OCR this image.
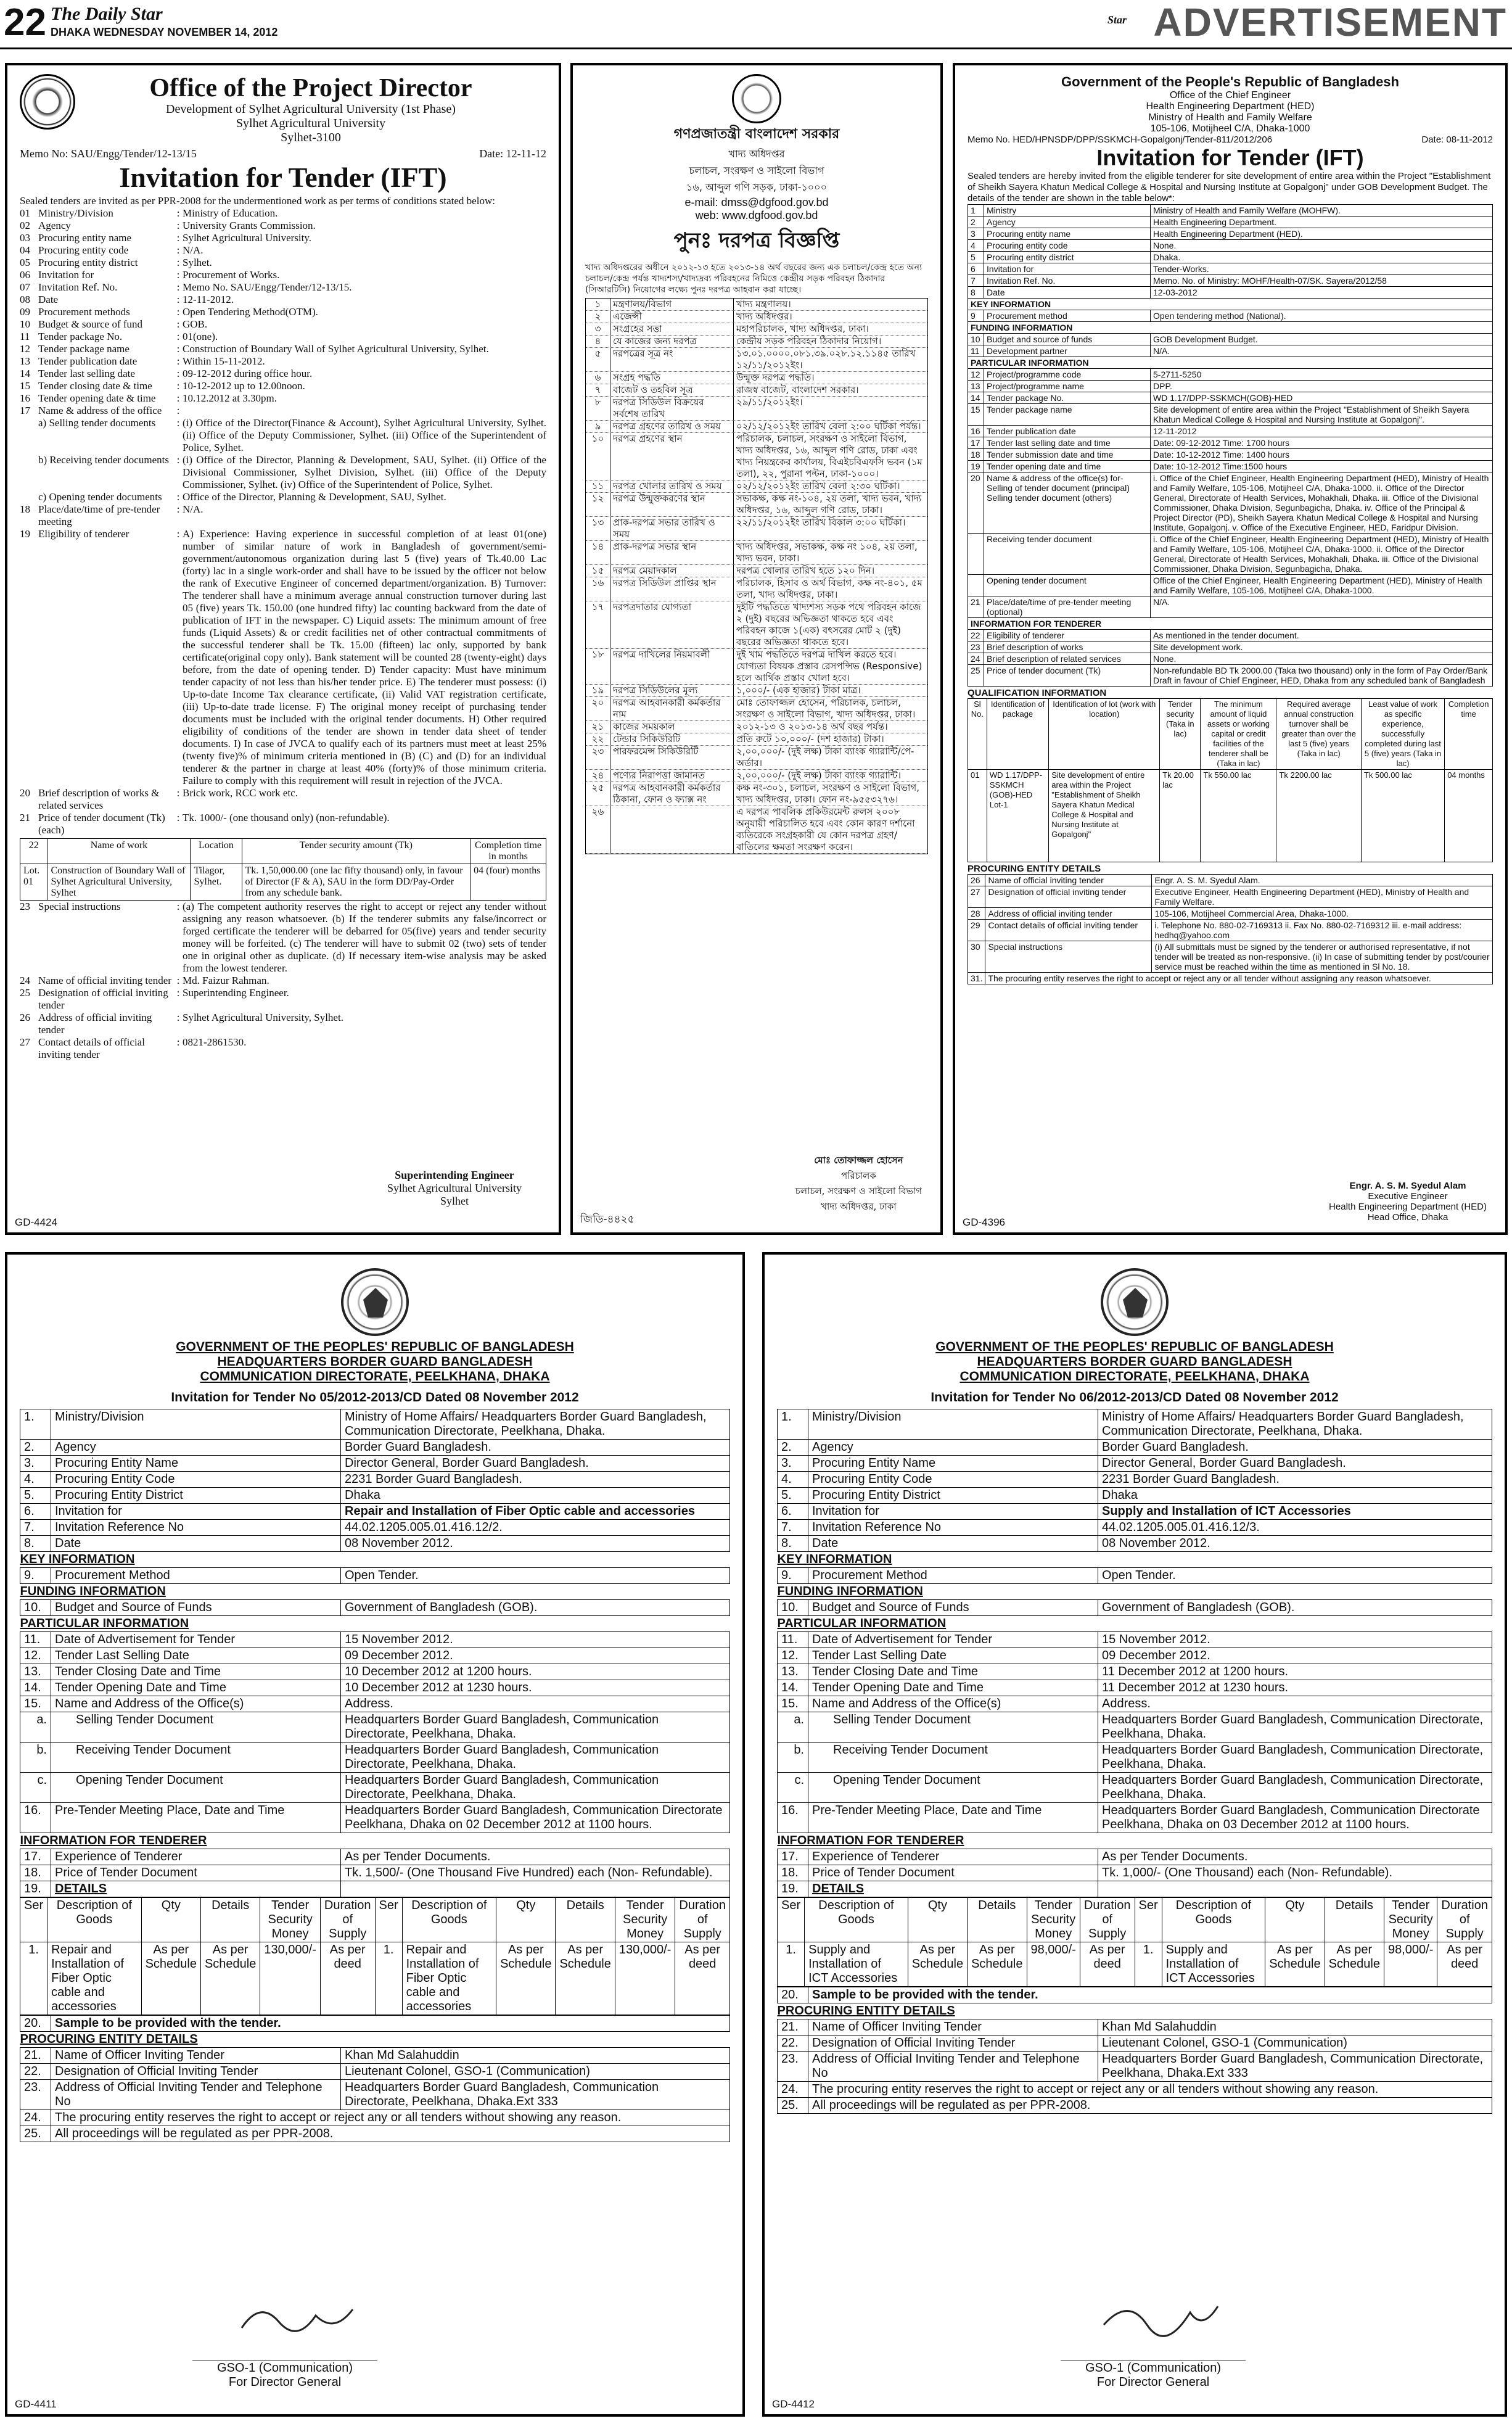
22 The Daily Star
DHAKA WEDNESDAY NOVEMBER 14, 2012
Star ADVERTISEMENT
Office of the Project Director
Development of Sylhet Agricultural University (1st Phase)
Sylhet Agricultural University
Sylhet-3100
Memo No: SAU/Engg/Tender/12-13/15	Date: 12-11-12
Invitation for Tender (IFT)
Sealed tenders are invited as per PPR-2008 for the undermentioned work as per terms of conditions stated below:
01 Ministry/Division	: Ministry of Education.
02 Agency	: University Grants Commission.
03 Procuring entity name	: Sylhet Agricultural University.
04 Procuring entity code	: N/A.
05 Procuring entity district	: Sylhet.
06 Invitation for	: Procurement of Works.
07 Invitation Ref. No.	: Memo No. SAU/Engg/Tender/12-13/15.
08 Date	: 12-11-2012.
09 Procurement methods	: Open Tendering Method(OTM).
10 Budget & source of fund	: GOB.
11 Tender package No.	: 01(one).
12 Tender package name	: Construction of Boundary Wall of Sylhet Agricultural University, Sylhet.
13 Tender publication date	: Within 15-11-2012.
14 Tender last selling date	: 09-12-2012 during office hour.
15 Tender closing date & time	: 10-12-2012 up to 12.00noon.
16 Tender opening date & time	: 10.12.2012 at 3.30pm.
17 Name & address of the office	:
a) Selling tender documents	: (i) Office of the Director(Finance & Account), Sylhet Agricultural University, Sylhet. (ii) Office of the Deputy Commissioner, Sylhet. (iii) Office of the Superintendent of Police, Sylhet.
b) Receiving tender documents : (i) Office of the Director, Planning & Development, SAU, Sylhet. (ii) Office of the Divisional Commissioner, Sylhet Division, Sylhet. (iii) Office of the Deputy Commissioner, Sylhet. (iv) Office of the Superintendent of Police, Sylhet.
c) Opening tender documents	: Office of the Director, Planning & Development, SAU, Sylhet.
18 Place/date/time of pre-tender meeting
: N/A.
19 Eligibility of tenderer	: A) Experience: Having experience in successful completion of at least 01(one) number of similar nature of work in Bangladesh of government/semi-government/autonomous organization during last 5 (five) years of Tk.40.00 Lac (forty) lac in a single work-order and shall have to be issued by the officer not below the rank of Executive Engineer of concerned department/organization. B) Turnover: The tenderer shall have a minimum average annual construction turnover during last 05 (five) years Tk. 150.00 (one hundred fifty) lac counting backward from the date of publication of IFT in the newspaper. C) Liquid assets: The minimum amount of free funds (Liquid Assets) & or credit facilities net of other contractual commitments of the successful tenderer shall be Tk. 15.00 (fifteen) lac only, supported by bank certificate(original copy only). Bank statement will be counted 28 (twenty-eight) days before, from the date of opening tender. D) Tender capacity: Must have minimum tender capacity of not less than his/her tender price. E) The tenderer must possess: (i) Up-to-date Income Tax clearance certificate, (ii) Valid VAT registration certificate, (iii) Up-to-date trade license. F) The original money receipt of purchasing tender documents must be included with the original tender documents. H) Other required eligibility of conditions of the tender are shown in tender data sheet of tender documents. I) In case of JVCA to qualify each of its partners must meet at least 25% (twenty five)% of minimum criteria mentioned in (B) (C) and (D) for an individual tenderer & the partner in charge at least 40% (forty)% of those minimum criteria. Failure to comply with this requirement will result in rejection of the JVCA.
20 Brief description of works & related services
: Brick work, RCC work etc.
21 Price of tender document (Tk) (each)
: Tk. 1000/- (one thousand only) (non-refundable).
22	Name of work	Location	Tender security amount (Tk)	Completion time in months
Lot. 01	Construction of Boundary Wall of Sylhet Agricultural University, Sylhet	Tilagor, Sylhet.	Tk. 1,50,000.00 (one lac fifty thousand) only, in favour of Director (F & A), SAU in the form DD/Pay-Order from any schedule bank.	04 (four) months
23 Special instructions	: (a) The competent authority reserves the right to accept or reject any tender without assigning any reason whatsoever. (b) If the tenderer submits any false/incorrect or forged certificate the tenderer will be debarred for 05(five) years and tender security money will be forfeited. (c) The tenderer will have to submit 02 (two) sets of tender one in original other as duplicate. (d) If necessary item-wise analysis may be asked from the lowest tenderer.
24 Name of official inviting tender : Md. Faizur Rahman.
25 Designation of official inviting tender
: Superintending Engineer.
26 Address of official inviting tender
: Sylhet Agricultural University, Sylhet.
27 Contact details of official inviting tender
: 0821-2861530.
Superintending Engineer
Sylhet Agricultural University
Sylhet
GD-4424
গণপ্রজাতন্ত্রী বাংলাদেশ সরকার
খাদ্য অধিদপ্তর
চলাচল, সংরক্ষণ ও সাইলো বিভাগ
১৬, আব্দুল গণি সড়ক, ঢাকা-১০০০
e-mail: dmss@dgfood.gov.bd
web: www.dgfood.gov.bd
পুনঃ দরপত্র বিজ্ঞপ্তি
খাদ্য অধিদপ্তরের অধীনে ২০১২-১৩ হতে ২০১৩-১৪ অর্থ বছরের জন্য এক চলাচল/কেন্দ্র হতে অন্য চলাচল/কেন্দ্র পর্যন্ত খাদ্যশস্য/খাদ্যদ্রব্য পরিবহনের নিমিত্তে কেন্দ্রীয় সড়ক পরিবহন ঠিকাদার (সিআরটিসি) নিয়োগের লক্ষ্যে পুনঃ দরপত্র আহবান করা যাচ্ছে।
১	মন্ত্রণালয়/বিভাগ	খাদ্য মন্ত্রণালয়।
২	এজেন্সী	খাদ্য অধিদপ্তর।
৩	সংগ্রহের সত্তা	মহাপরিচালক, খাদ্য অধিদপ্তর, ঢাকা।
৪	যে কাজের জন্য দরপত্র	কেন্দ্রীয় সড়ক পরিবহন ঠিকাদার নিয়োগ।
৫	দরপত্রের সূত্র নং	১৩.০১.০০০০.০৮১.৩৯.০২৮.১২.১১৪৫ তারিখ ১২/১১/২০১২ইং।
৬	সংগ্রহ পদ্ধতি	উন্মুক্ত দরপত্র পদ্ধতি।
৭	বাজেট ও তহবিল সূত্র	রাজস্ব বাজেট, বাংলাদেশ সরকার।
৮	দরপত্র সিডিউল বিক্রয়ের সর্বশেষ তারিখ
২৯/১১/২০১২ইং।
৯	দরপত্র গ্রহণের তারিখ ও সময়	০২/১২/২০১২ইং তারিখ বেলা ২:০০ ঘটিকা পর্যন্ত।
১০ দরপত্র গ্রহণের স্থান	পরিচালক, চলাচল, সংরক্ষণ ও সাইলো বিভাগ, খাদ্য অধিদপ্তর, ১৬, আব্দুল গণি রোড, ঢাকা এবং খাদ্য নিয়ন্ত্রকের কার্যালয়, বিএইচবিএফসি ভবন (১ম তলা), ২২, পুরানা পল্টন, ঢাকা-১০০০।
১১ দরপত্র খোলার তারিখ ও সময়	০২/১২/২০১২ইং তারিখ বেলা ২:৩০ ঘটিকা।
১২ দরপত্র উন্মুক্তকরণের স্থান	সভাকক্ষ, কক্ষ নং-১০৪, ২য় তলা, খাদ্য ভবন, খাদ্য অধিদপ্তর, ১৬, আব্দুল গণি রোড, ঢাকা।
১৩ প্রাক-দরপত্র সভার তারিখ ও সময়
২২/১১/২০১২ইং তারিখ বিকাল ৩:০০ ঘটিকা।
১৪ প্রাক-দরপত্র সভার স্থান	খাদ্য অধিদপ্তর, সভাকক্ষ, কক্ষ নং ১০৪, ২য় তলা, খাদ্য ভবন, ঢাকা।
১৫ দরপত্র মেয়াদকাল	দরপত্র খোলার তারিখ হতে ১২০ দিন।
১৬ দরপত্র সিডিউল প্রাপ্তির স্থান	পরিচালক, হিসাব ও অর্থ বিভাগ, কক্ষ নং-৪০১, ৫ম তলা, খাদ্য অধিদপ্তর, ঢাকা।
১৭ দরপত্রদাতার যোগ্যতা	দুইটি পদ্ধতিতে খাদ্যশস্য সড়ক পথে পরিবহন কাজে ২ (দুই) বছরের অভিজ্ঞতা থাকতে হবে এবং পরিবহন কাজে ১(এক) বৎসরের মোট ২ (দুই) বছরের অভিজ্ঞতা থাকতে হবে।
১৮ দরপত্র দাখিলের নিয়মাবলী	দুই খাম পদ্ধতিতে দরপত্র দাখিল করতে হবে। যোগ্যতা বিষয়ক প্রস্তাব রেসপন্সিভ (Responsive) হলে আর্থিক প্রস্তাব খোলা হবে।
১৯ দরপত্র সিডিউলের মূল্য	১,০০০/- (এক হাজার) টাকা মাত্র।
২০ দরপত্র আহবানকারী কর্মকর্তার নাম
মোঃ তোফাজ্জল হোসেন, পরিচালক, চলাচল, সংরক্ষণ ও সাইলো বিভাগ, খাদ্য অধিদপ্তর, ঢাকা।
২১ কাজের সময়কাল	২০১২-১৩ ও ২০১৩-১৪ অর্থ বছর পর্যন্ত।
২২ টেন্ডার সিকিউরিটি	প্রতি রুটে ১০,০০০/- (দশ হাজার) টাকা।
২৩ পারফরমেন্স সিকিউরিটি	২,০০,০০০/- (দুই লক্ষ) টাকা ব্যাংক গ্যারান্টি/পে-অর্ডার।
২৪ পণ্যের নিরাপত্তা জামানত	২,০০,০০০/- (দুই লক্ষ) টাকা ব্যাংক গ্যারান্টি।
২৫ দরপত্র আহবানকারী কর্মকর্তার ঠিকানা, ফোন ও ফ্যাক্স নং
কক্ষ নং-৩০১, চলাচল, সংরক্ষণ ও সাইলো বিভাগ, খাদ্য অধিদপ্তর, ঢাকা। ফোন নং-৯৫৫৩২৭৬।
২৬	এ দরপত্র পাবলিক প্রকিউরমেন্ট রুলস ২০০৮ অনুযায়ী পরিচালিত হবে এবং কোন কারণ দর্শানো ব্যতিরেকে সংগ্রহকারী যে কোন দরপত্র গ্রহণ/বাতিলের ক্ষমতা সংরক্ষণ করেন।
মোঃ তোফাজ্জল হোসেন
পরিচালক
চলাচল, সংরক্ষণ ও সাইলো বিভাগ
খাদ্য অধিদপ্তর, ঢাকা
জিডি-৪৪২৫
Government of the People's Republic of Bangladesh
Office of the Chief Engineer
Health Engineering Department (HED)
Ministry of Health and Family Welfare
105-106, Motijheel C/A, Dhaka-1000
Memo No. HED/HPNSDP/DPP/SSKMCH-Gopalgonj/Tender-811/2012/206	Date: 08-11-2012
Invitation for Tender (IFT)
Sealed tenders are hereby invited from the eligible tenderer for site development of entire area within the Project "Establishment of Sheikh Sayera Khatun Medical College & Hospital and Nursing Institute at Gopalgonj" under GOB Development Budget. The details of the tender are shown in the table below*:
1	Ministry	Ministry of Health and Family Welfare (MOHFW).
2	Agency	Health Engineering Department.
3	Procuring entity name	Health Engineering Department (HED).
4	Procuring entity code	None.
5	Procuring entity district	Dhaka.
6	Invitation for	Tender-Works.
7	Invitation Ref. No.	Memo. No. of Ministry: MOHF/Health-07/SK. Sayera/2012/58
8	Date	12-03-2012
KEY INFORMATION		
9	Procurement method	Open tendering method (National).
FUNDING INFORMATION		
10	Budget and source of funds	GOB Development Budget.
11	Development partner	N/A.
PARTICULAR INFORMATION		
12	Project/programme code	5-2711-5250
13	Project/programme name	DPP.
14	Tender package No.	WD 1.17/DPP-SSKMCH(GOB)-HED
15	Tender package name	Site development of entire area within the Project "Establishment of Sheikh Sayera Khatun Medical College & Hospital and Nursing Institute at Gopalgonj".
16	Tender publication date	12-11-2012
17	Tender last selling date and time	Date: 09-12-2012 Time: 1700 hours
18	Tender submission date and time	Date: 10-12-2012 Time: 1400 hours
19	Tender opening date and time	Date: 10-12-2012 Time:1500 hours
20	Name & address of the office(s) for- Selling of tender document (principal) Selling tender document (others)	i. Office of the Chief Engineer, Health Engineering Department (HED), Ministry of Health and Family Welfare, 105-106, Motijheel C/A, Dhaka-1000. ii. Office of the Director General, Directorate of Health Services, Mohakhali, Dhaka. iii. Office of the Divisional Commissioner, Dhaka Division, Segunbagicha, Dhaka. iv. Office of the Principal & Project Director (PD), Sheikh Sayera Khatun Medical College & Hospital and Nursing Institute, Gopalgonj. v. Office of the Executive Engineer, HED, Faridpur Division.
	Receiving tender document	i. Office of the Chief Engineer, Health Engineering Department (HED), Ministry of Health and Family Welfare, 105-106, Motijheel C/A, Dhaka-1000. ii. Office of the Director General, Directorate of Health Services, Mohakhali, Dhaka. iii. Office of the Divisional Commissioner, Dhaka Division, Segunbagicha, Dhaka.
	Opening tender document	Office of the Chief Engineer, Health Engineering Department (HED), Ministry of Health and Family Welfare, 105-106, Motijheel C/A, Dhaka-1000.
21	Place/date/time of pre-tender meeting (optional)	N/A.
INFORMATION FOR TENDERER		
22	Eligibility of tenderer	As mentioned in the tender document.
23	Brief description of works	Site development work.
24	Brief description of related services	None.
25	Price of tender document (Tk)	Non-refundable BD Tk 2000.00 (Taka two thousand) only in the form of Pay Order/Bank Draft in favour of Chief Engineer, HED, Dhaka from any scheduled bank of Bangladesh
QUALIFICATION INFORMATION
Sl No.	Identification of package	Identification of lot (work with location)	Tender security (Taka in lac)	The minimum amount of liquid assets or working capital or credit facilities of the tenderer shall be (Taka in lac)	Required average annual construction turnover shall be greater than over the last 5 (five) years (Taka in lac)	Least value of work as specific experience, successfully completed during last 5 (five) years (Taka in lac)	Completion time
01	WD 1.17/DPP-SSKMCH (GOB)-HED Lot-1	Site development of entire area within the Project "Establishment of Sheikh Sayera Khatun Medical College & Hospital and Nursing Institute at Gopalgonj"	Tk 20.00 lac	Tk 550.00 lac	Tk 2200.00 lac	Tk 500.00 lac	04 months
PROCURING ENTITY DETAILS
26	Name of official inviting tender	Engr. A. S. M. Syedul Alam.
27	Designation of official inviting tender	Executive Engineer, Health Engineering Department (HED), Ministry of Health and Family Welfare.
28	Address of official inviting tender	105-106, Motijheel Commercial Area, Dhaka-1000.
29	Contact details of official inviting tender	i. Telephone No. 880-02-7169313 ii. Fax No. 880-02-7169312 iii. e-mail address: hedhq@yahoo.com
30	Special instructions	(i) All submittals must be signed by the tenderer or authorised representative, if not tender will be treated as non-responsive. (ii) In case of submitting tender by post/courier service must be reached within the time as mentioned in Sl No. 18.
31.	The procuring entity reserves the right to accept or reject any or all tender without assigning any reason whatsoever.	
Engr. A. S. M. Syedul Alam
Executive Engineer
Health Engineering Department (HED)
Head Office, Dhaka
GD-4396
GOVERNMENT OF THE PEOPLES' REPUBLIC OF BANGLADESH
HEADQUARTERS BORDER GUARD BANGLADESH
COMMUNICATION DIRECTORATE, PEELKHANA, DHAKA
Invitation for Tender No 05/2012-2013/CD Dated 08 November 2012
1.	Ministry/Division	Ministry of Home Affairs/ Headquarters Border Guard Bangladesh, Communication Directorate, Peelkhana, Dhaka.
2.	Agency	Border Guard Bangladesh.
3.	Procuring Entity Name	Director General, Border Guard Bangladesh.
4.	Procuring Entity Code	2231 Border Guard Bangladesh.
5.	Procuring Entity District	Dhaka
6.	Invitation for	Repair and Installation of Fiber Optic cable and accessories
7.	Invitation Reference No	44.02.1205.005.01.416.12/2.
8.	Date	08 November 2012.
KEY INFORMATION		
9.	Procurement Method	Open Tender.
FUNDING INFORMATION		
10.	Budget and Source of Funds	Government of Bangladesh (GOB).
PARTICULAR INFORMATION		
11.	Date of Advertisement for Tender	15 November 2012.
12.	Tender Last Selling Date	09 December 2012.
13.	Tender Closing Date and Time	10 December 2012 at 1200 hours.
14.	Tender Opening Date and Time	10 December 2012 at 1230 hours.
15.	Name and Address of the Office(s)	Address.
a.	Selling Tender Document	Headquarters Border Guard Bangladesh, Communication Directorate, Peelkhana, Dhaka.
b.	Receiving Tender Document	Headquarters Border Guard Bangladesh, Communication Directorate, Peelkhana, Dhaka.
c.	Opening Tender Document	Headquarters Border Guard Bangladesh, Communication Directorate, Peelkhana, Dhaka.
16.	Pre-Tender Meeting Place, Date and Time	Headquarters Border Guard Bangladesh, Communication Directorate Peelkhana, Dhaka on 02 December 2012 at 1100 hours.
INFORMATION FOR TENDERER		
17.	Experience of Tenderer	As per Tender Documents.
18.	Price of Tender Document	Tk. 1,500/- (One Thousand Five Hundred) each (Non- Refundable).
19.	DETAILS	
Ser	Description of Goods	Qty	Details	Tender Security Money	Duration of Supply	Ser	Description of Goods	Qty	Details	Tender Security Money	Duration of Supply
1.	Repair and Installation of Fiber Optic cable and accessories	As per Schedule	As per Schedule	130,000/-	As per deed	1.	Repair and Installation of Fiber Optic cable and accessories	As per Schedule	As per Schedule	130,000/-	As per deed
20.	Sample to be provided with the tender.	
PROCURING ENTITY DETAILS		
21.	Name of Officer Inviting Tender	Khan Md Salahuddin
22.	Designation of Official Inviting Tender	Lieutenant Colonel, GSO-1 (Communication)
23.	Address of Official Inviting Tender and Telephone No	Headquarters Border Guard Bangladesh, Communication Directorate, Peelkhana, Dhaka.Ext 333
24.	The procuring entity reserves the right to accept or reject any or all tenders without showing any reason.	
25.	All proceedings will be regulated as per PPR-2008.	
GSO-1 (Communication)
For Director General
GD-4411
GOVERNMENT OF THE PEOPLES' REPUBLIC OF BANGLADESH
HEADQUARTERS BORDER GUARD BANGLADESH
COMMUNICATION DIRECTORATE, PEELKHANA, DHAKA
Invitation for Tender No 06/2012-2013/CD Dated 08 November 2012
1.	Ministry/Division	Ministry of Home Affairs/ Headquarters Border Guard Bangladesh, Communication Directorate, Peelkhana, Dhaka.
2.	Agency	Border Guard Bangladesh.
3.	Procuring Entity Name	Director General, Border Guard Bangladesh.
4.	Procuring Entity Code	2231 Border Guard Bangladesh.
5.	Procuring Entity District	Dhaka
6.	Invitation for	Supply and Installation of ICT Accessories
7.	Invitation Reference No	44.02.1205.005.01.416.12/3.
8.	Date	08 November 2012.
KEY INFORMATION		
9.	Procurement Method	Open Tender.
FUNDING INFORMATION		
10.	Budget and Source of Funds	Government of Bangladesh (GOB).
PARTICULAR INFORMATION		
11.	Date of Advertisement for Tender	15 November 2012.
12.	Tender Last Selling Date	09 December 2012.
13.	Tender Closing Date and Time	11 December 2012 at 1200 hours.
14.	Tender Opening Date and Time	11 December 2012 at 1230 hours.
15.	Name and Address of the Office(s)	Address.
a.	Selling Tender Document	Headquarters Border Guard Bangladesh, Communication Directorate, Peelkhana, Dhaka.
b.	Receiving Tender Document	Headquarters Border Guard Bangladesh, Communication Directorate, Peelkhana, Dhaka.
c.	Opening Tender Document	Headquarters Border Guard Bangladesh, Communication Directorate, Peelkhana, Dhaka.
16.	Pre-Tender Meeting Place, Date and Time	Headquarters Border Guard Bangladesh, Communication Directorate Peelkhana, Dhaka on 03 December 2012 at 1100 hours.
INFORMATION FOR TENDERER		
17.	Experience of Tenderer	As per Tender Documents.
18.	Price of Tender Document	Tk. 1,000/- (One Thousand) each (Non- Refundable).
19.	DETAILS	
Ser	Description of Goods	Qty	Details	Tender Security Money	Duration of Supply	Ser	Description of Goods	Qty	Details	Tender Security Money	Duration of Supply
1.	Supply and Installation of ICT Accessories	As per Schedule	As per Schedule	98,000/-	As per deed	1.	Supply and Installation of ICT Accessories	As per Schedule	As per Schedule	98,000/-	As per deed
20.	Sample to be provided with the tender.	
PROCURING ENTITY DETAILS		
21.	Name of Officer Inviting Tender	Khan Md Salahuddin
22.	Designation of Official Inviting Tender	Lieutenant Colonel, GSO-1 (Communication)
23.	Address of Official Inviting Tender and Telephone No	Headquarters Border Guard Bangladesh, Communication Directorate, Peelkhana, Dhaka.Ext 333
24.	The procuring entity reserves the right to accept or reject any or all tenders without showing any reason.	
25.	All proceedings will be regulated as per PPR-2008.	
GSO-1 (Communication)
For Director General
GD-4412
